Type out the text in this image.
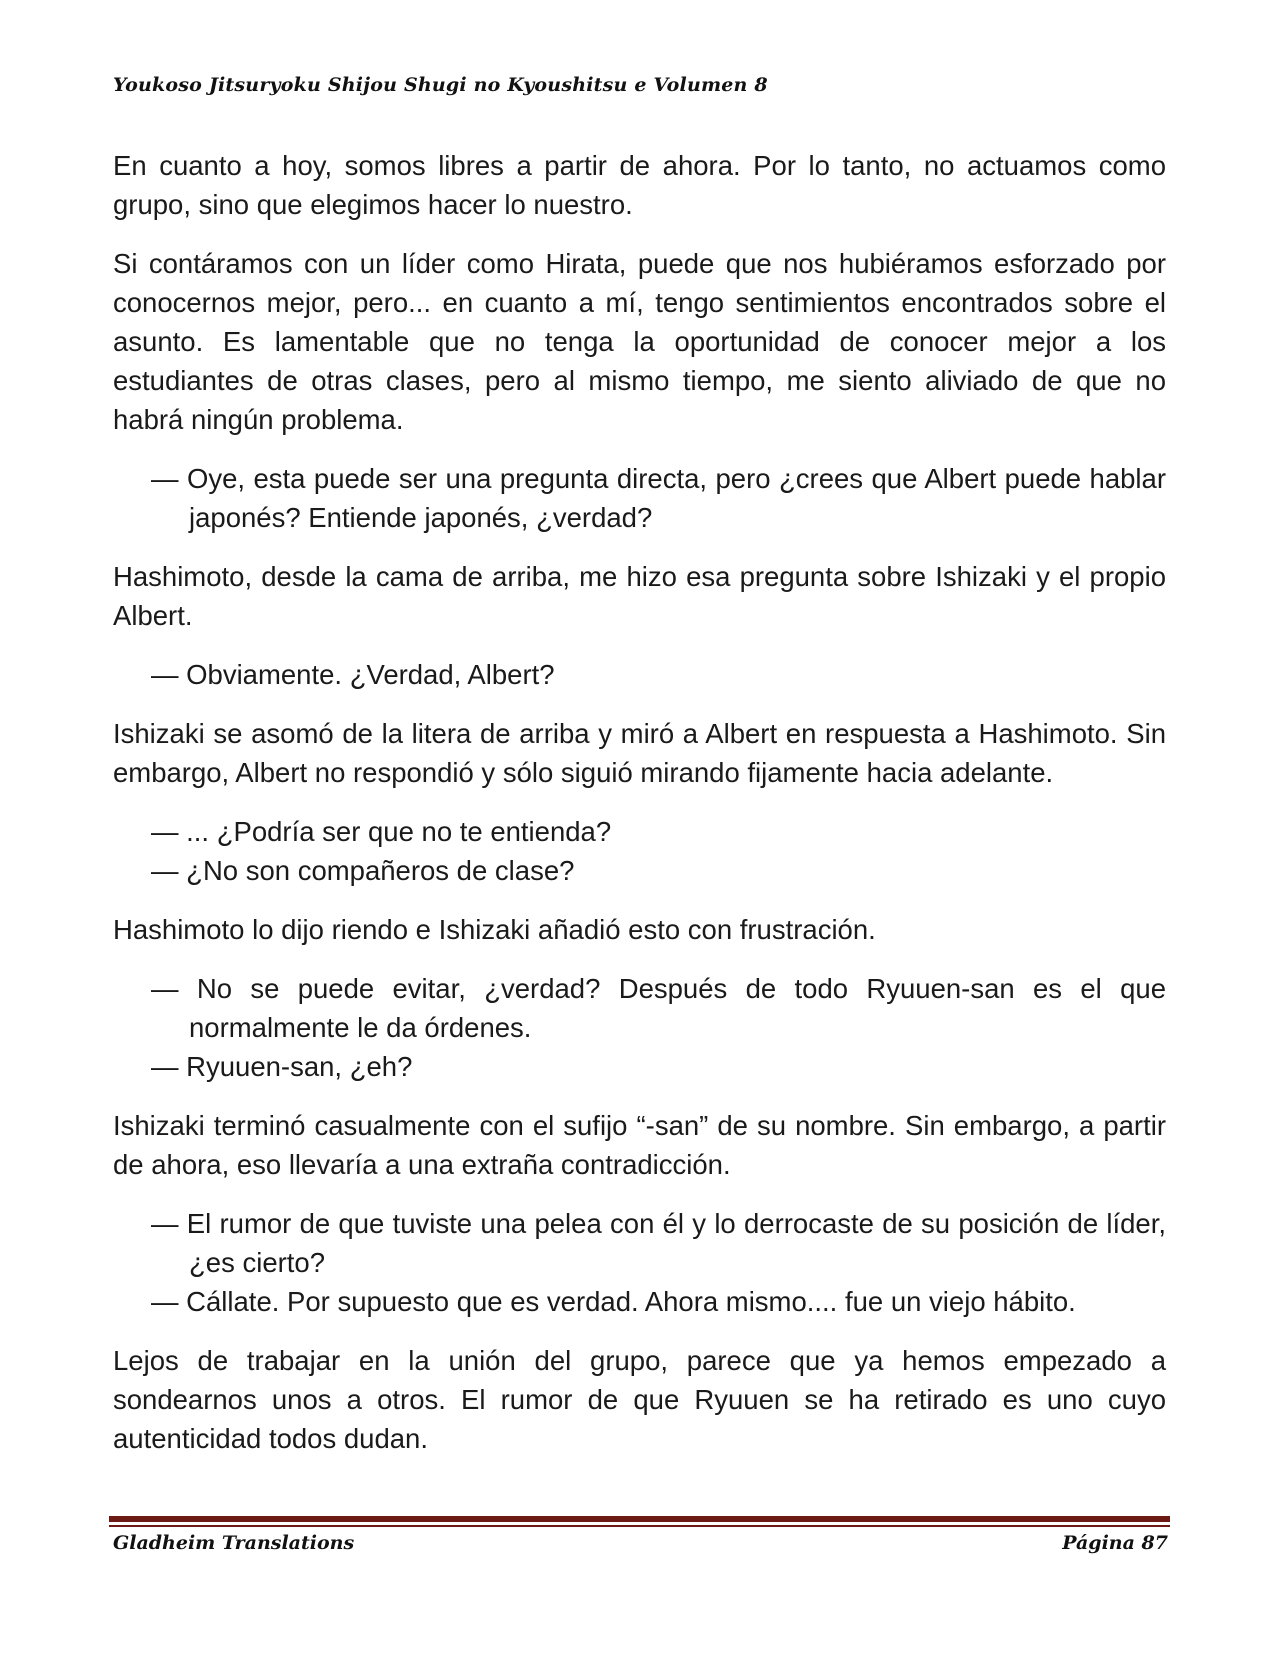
Youkoso Jitsuryoku Shijou Shugi no Kyoushitsu e Volumen 8

En cuanto a hoy, somos libres a partir de ahora. Por lo tanto, no actuamos como grupo, sino que elegimos hacer lo nuestro.

Si contáramos con un líder como Hirata, puede que nos hubiéramos esforzado por conocernos mejor, pero... en cuanto a mí, tengo sentimientos encontrados sobre el asunto. Es lamentable que no tenga la oportunidad de conocer mejor a los estudiantes de otras clases, pero al mismo tiempo, me siento aliviado de que no habrá ningún problema.

— Oye, esta puede ser una pregunta directa, pero ¿crees que Albert puede hablar japonés? Entiende japonés, ¿verdad?

Hashimoto, desde la cama de arriba, me hizo esa pregunta sobre Ishizaki y el propio Albert.

— Obviamente. ¿Verdad, Albert?

Ishizaki se asomó de la litera de arriba y miró a Albert en respuesta a Hashimoto. Sin embargo, Albert no respondió y sólo siguió mirando fijamente hacia adelante.

— ... ¿Podría ser que no te entienda?

— ¿No son compañeros de clase?

Hashimoto lo dijo riendo e Ishizaki añadió esto con frustración.

— No se puede evitar, ¿verdad? Después de todo Ryuuen-san es el que normalmente le da órdenes.

— Ryuuen-san, ¿eh?

Ishizaki terminó casualmente con el sufijo “-san” de su nombre. Sin embargo, a partir de ahora, eso llevaría a una extraña contradicción.

— El rumor de que tuviste una pelea con él y lo derrocaste de su posición de líder, ¿es cierto?

— Cállate. Por supuesto que es verdad. Ahora mismo.... fue un viejo hábito.

Lejos de trabajar en la unión del grupo, parece que ya hemos empezado a sondearnos unos a otros. El rumor de que Ryuuen se ha retirado es uno cuyo autenticidad todos dudan.

Gladheim Translations	Página 87
